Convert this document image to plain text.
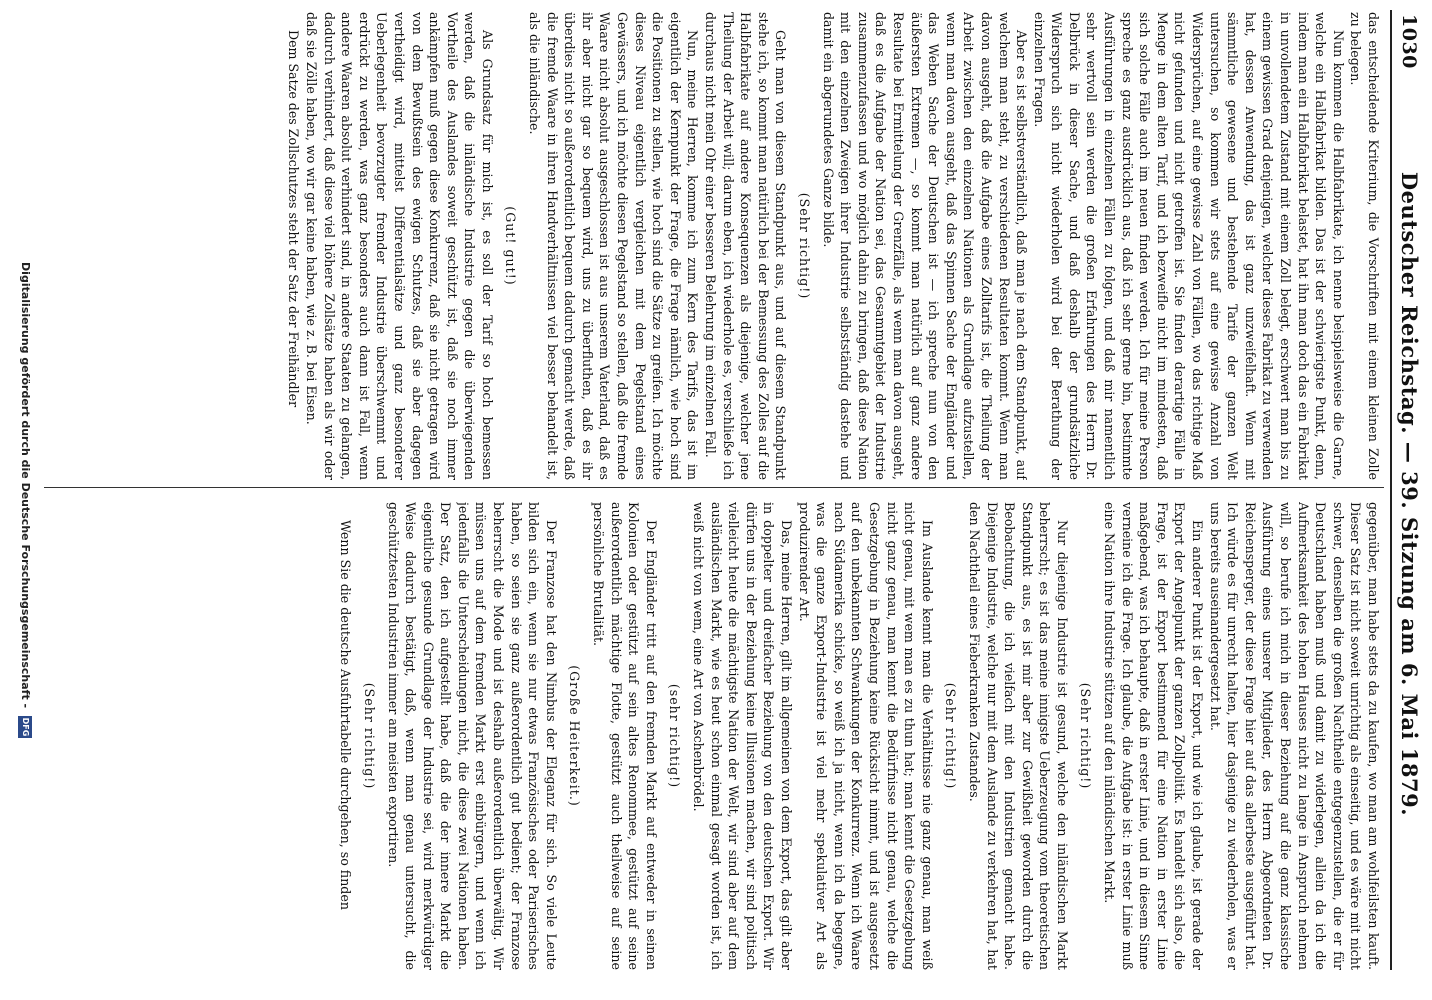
1030
Deutscher Reichstag. — 39. Sitzung am 6. Mai 1879.

das entscheidende Kriterium, die Vorschriften mit einem kleinen Zolle zu belegen.

Nun kommen die Halbfabrikate, ich nenne beispielsweise die Garne, welche ein Halbfabrikat bilden. Das ist der schwierigste Punkt, denn, indem man ein Halbfabrikat belastet, hat ihn man doch das ein Fabrikat in unvollendetem Zustand mit einem Zoll belegt, erschwert man bis zu einem gewissen Grad denjenigen, welcher dieses Fabrikat zu verwenden hat, dessen Anwendung, das ist ganz unzweifelhaft. Wenn mit sämmtliche gewesene und bestehende Tarife der ganzen Welt untersuchen, so kommen wir stets auf eine gewisse Anzahl von Widersprüchen, auf eine gewisse Zahl von Fällen, wo das richtige Maß nicht gefunden und nicht getroffen ist. Sie finden derartige Fälle in Menge in dem alten Tarif, und ich bezweifle nicht im mindesten, daß sich solche Fälle auch im neuen finden werden. Ich für meine Person spreche es ganz ausdrücklich aus, daß ich sehr gerne bin, bestimmte Ausführungen in einzelnen Fällen zu folgen, und daß mir namentlich sehr wertvoll sein werden die großen Erfahrungen des Herrn Dr. Delbrück in dieser Sache, und daß deshalb der grundsätzliche Widerspruch sich nicht wiederholen wird bei der Berathung der einzelnen Fragen.

Aber es ist selbstverständlich, daß man je nach dem Standpunkt, auf welchem man steht, zu verschiedenen Resultaten kommt. Wenn man davon ausgeht, daß die Aufgabe eines Zolltarifs ist, die Theilung der Arbeit zwischen den einzelnen Nationen als Grundlage aufzustellen, wenn man davon ausgeht, daß das Spinnen Sache der Engländer und das Weben Sache der Deutschen ist — ich spreche nun von den äußersten Extremen —, so kommt man natürlich auf ganz andere Resultate bei Ermittelung der Grenzfälle, als wenn man davon ausgeht, daß es die Aufgabe der Nation sei, das Gesammtgebiet der Industrie zusammenzufassen und wo möglich dahin zu bringen, daß diese Nation mit den einzelnen Zweigen ihrer Industrie selbstständig dastehe und damit ein abgerundetes Ganze bilde.

(Sehr richtig!)

Geht man von diesem Standpunkt aus, und auf diesem Standpunkt stehe ich, so kommt man natürlich bei der Bemessung des Zolles auf die Halbfabrikate auf andere Konsequenzen als diejenige, welcher jene Theilung der Arbeit will; darum eben, ich wiederhole es, verschließe ich durchaus nicht mein Ohr einer besseren Belehrung im einzelnen Fall.

Nun, meine Herren, komme ich zum Kern des Tarifs, das ist im eigentlich der Kernpunkt der Frage, die Frage nämlich, wie hoch sind die Positionen zu stellen, wie hoch sind die Sätze zu greifen. Ich möchte dieses Niveau eigentlich vergleichen mit dem Pegelstand eines Gewässers, und ich möchte diesen Pegelstand so stellen, daß die fremde Waare nicht absolut ausgeschlossen ist aus unserem Vaterland, daß es ihr aber nicht gar so bequem wird, uns zu überfluthen, daß es ihr überdies nicht so außerordentlich bequem dadurch gemacht werde, daß die fremde Waare in ihren Handverhältnissen viel besser behandelt ist, als die inländische.

(Gut! gut!)

Als Grundsatz für mich ist, es soll der Tarif so hoch bemessen werden, daß die inländische Industrie gegen die überwiegenden Vortheile des Auslandes soweit geschützt ist, daß sie noch immer ankämpfen muß gegen diese Konkurrenz, daß sie nicht getragen wird von dem Bewußtsein des ewigen Schutzes, daß sie aber dagegen vertheidigt wird, mittelst Differentialsätze und ganz besonderer Ueberlegenheit bevorzugter fremder Industrie überschwemmt und erdrückt zu werden, was ganz besonders auch dann ist Fall, wenn andere Waaren absolut verhindert sind, in andere Staaten zu gelangen, dadurch verhindert, daß diese viel höhere Zollsätze haben als wir oder daß sie Zölle haben, wo wir gar keine haben, wie z. B. bei Eisen.

Dem Satze des Zollschutzes steht der Satz der Freihändler

gegenüber, man habe stets da zu kaufen, wo man am wohlfeilsten kauft. Dieser Satz ist nicht soweit unrichtig als einseitig, und es wäre mit nicht schwer, denselben die großen Nachtheile entgegenzustellen, die er für Deutschland haben muß und damit zu widerlegen, allein da ich die Aufmerksamkeit des hohen Hauses nicht zu lange in Anspruch nehmen will, so berufe ich mich in dieser Beziehung auf die ganz klassische Ausführung eines unserer Mitglieder, des Herrn Abgeordneten Dr. Reichensperger, der diese Frage hier auf das allerbeste ausgeführt hat. Ich würde es für unrecht halten, hier dasjenige zu wiederholen, was er uns bereits auseinandergesetzt hat.

Ein anderer Punkt ist der Export, und wie ich glaube, ist gerade der Export der Angelpunkt der ganzen Zollpolitik. Es handelt sich also, die Frage, ist der Export bestimmend für eine Nation in erster Linie maßgebend, was ich behaupte, daß in erster Linie, und in diesem Sinne verneine ich die Frage. Ich glaube, die Aufgabe ist: in erster Linie muß eine Nation ihre Industrie stützen auf den inländischen Markt.

(Sehr richtig!)

Nur diejenige Industrie ist gesund, welche den inländischen Markt beherrscht; es ist das meine innigste Ueberzeugung vom theoretischen Standpunkt aus, es ist mir aber zur Gewißheit geworden durch die Beobachtung, die ich vielfach mit den Industrien gemacht habe. Diejenige Industrie, welche nur mit dem Auslande zu verkehren hat, hat den Nachtheil eines Fieberkranken Zustandes.

(Sehr richtig!)

Im Auslande kennt man die Verhältnisse nie ganz genau, man weiß nicht genau, mit wem man es zu thun hat; man kennt die Gesetzgebung nicht ganz genau, man kennt die Bedürfnisse nicht genau, welche die Gesetzgebung in Beziehung keine Rücksicht nimmt, und ist ausgesetzt auf den unbekannten Schwankungen der Konkurrenz. Wenn ich Waare nach Südamerika schicke, so weiß ich ja nicht, wenn ich da begegne, was die ganze Export-Industrie ist viel mehr spekulativer Art als produzirender Art.

Das, meine Herren, gilt im allgemeinen von dem Export, das gilt aber in doppelter und dreifacher Beziehung von den deutschen Export. Wir dürfen uns in der Beziehung keine Illusionen machen, wir sind politisch vielleicht heute die mächtigste Nation der Welt, wir sind aber auf dem ausländischen Markt, wie es heut schon einmal gesagt worden ist, ich weiß nicht von wem, eine Art von Aschenbrödel.

(sehr richtig!)

Der Engländer tritt auf den fremden Markt auf entweder in seinen Kolonien oder gestützt auf sein altes Renommee, gestützt auf seine außerordentlich mächtige Flotte, gestützt auch theilweise auf seine persönliche Brutalität.

(Große Heiterkeit.)

Der Franzose hat den Nimbus der Eleganz für sich. So viele Leute bilden sich ein, wenn sie nur etwas Französisches oder Pariserisches haben, so seien sie ganz außerordentlich gut bedient; der Franzose beherrscht die Mode und ist deshalb außerordentlich überwältig. Wir müssen uns auf dem fremden Markt erst einbürgern, und wenn ich jedenfalls die Unterscheidungen nicht, die diese zwei Nationen haben. Der Satz, den ich aufgestellt habe, daß die der innere Markt die eigentliche gesunde Grundlage der Industrie sei, wird merkwürdiger Weise dadurch bestätigt, daß, wenn man genau untersucht, die geschütztesten Industrien immer am meisten exportiren.

(Sehr richtig!)

Wenn Sie die deutsche Ausfuhrtabelle durchgehen, so finden

Digitalisierung gefördert durch die Deutsche Forschungsgemeinschaft - DFG
